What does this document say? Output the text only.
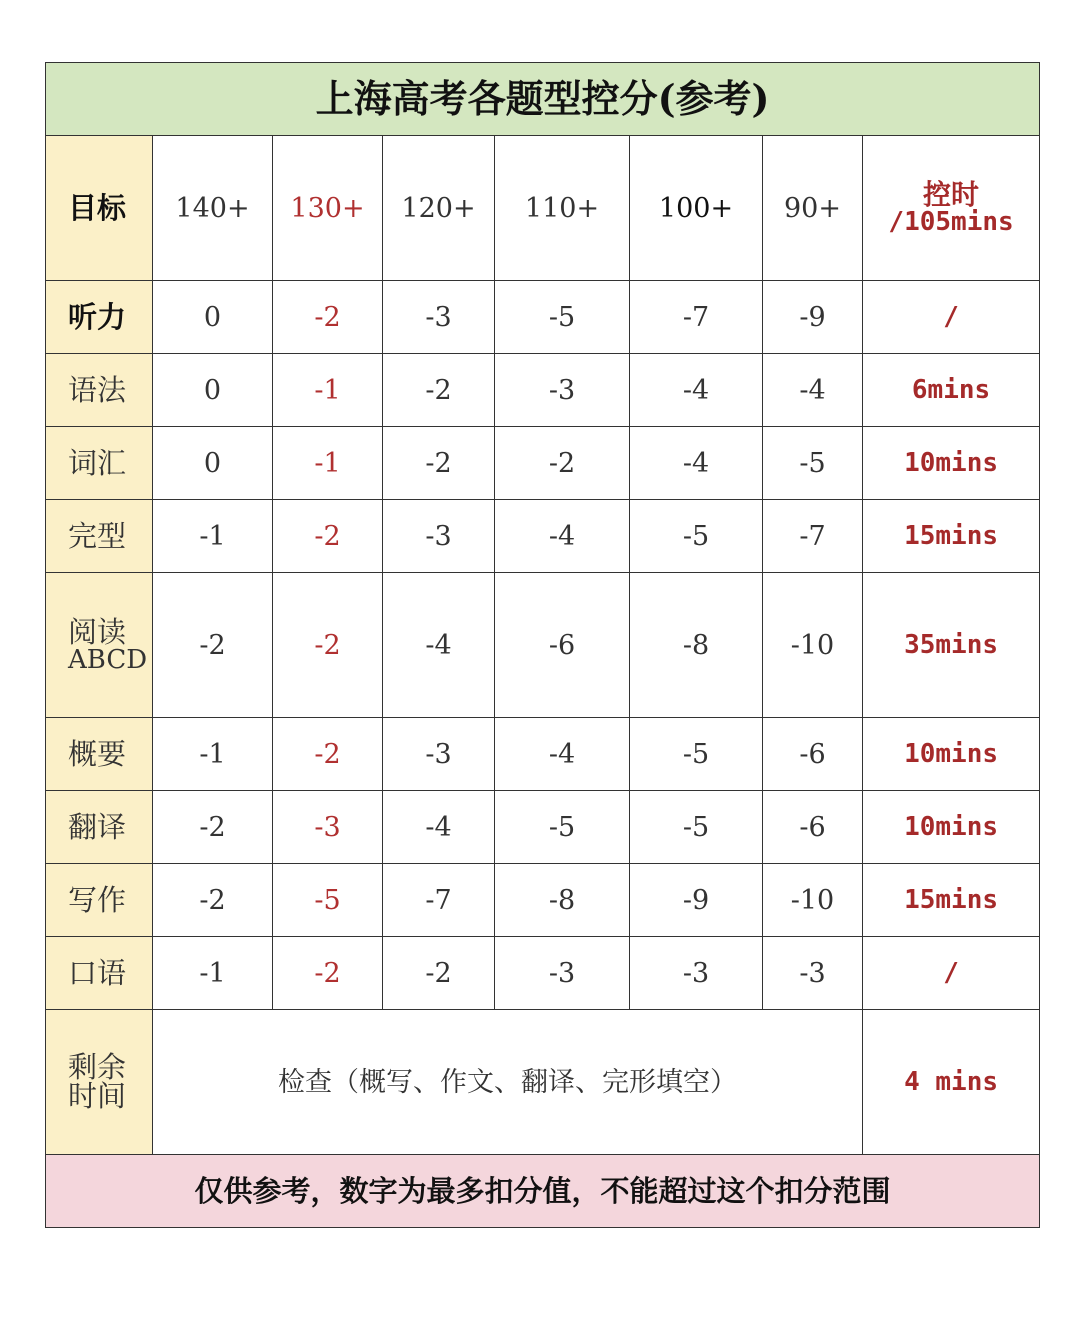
上海高考各题型控分(参考)							
目标	140+	130+	120+	110+	100+	90+	控时
/105mins

听力	0	-2	-3	-5	-7	-9	/
语法	0	-1	-2	-3	-4	-4	6mins
词汇	0	-1	-2	-2	-4	-5	10mins
完型	-1	-2	-3	-4	-5	-7	15mins

阅读
ABCD	-2	-2	-4	-6	-8	-10	35mins
概要	-1	-2	-3	-4	-5	-6	10mins
翻译	-2	-3	-4	-5	-5	-6	10mins
写作	-2	-5	-7	-8	-9	-10	15mins
口语	-1	-2	-2	-3	-3	-3	/

剩余
时间	检查（概写、作文、翻译、完形填空）						4 mins
仅供参考，数字为最多扣分值，不能超过这个扣分范围							
